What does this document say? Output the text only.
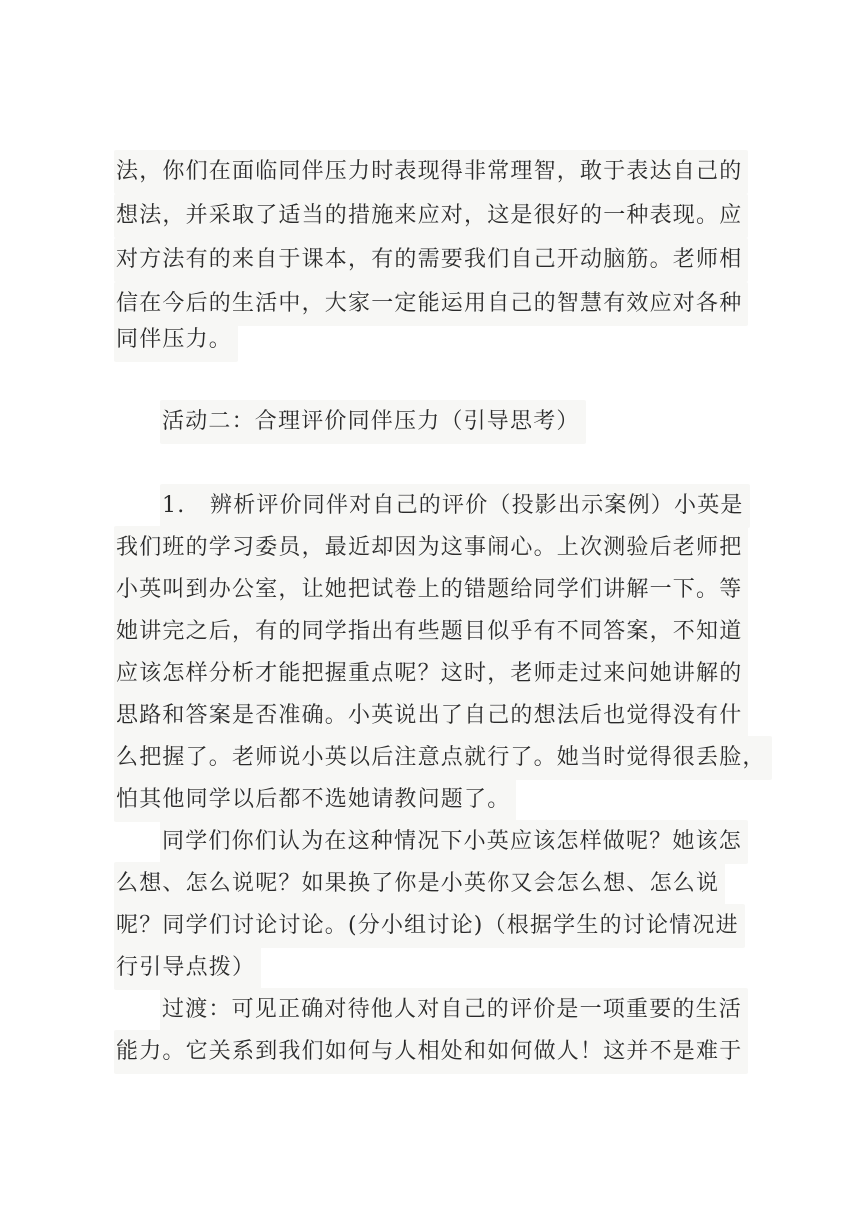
法，你们在面临同伴压力时表现得非常理智，敢于表达自己的
想法，并采取了适当的措施来应对，这是很好的一种表现。应
对方法有的来自于课本，有的需要我们自己开动脑筋。老师相
信在今后的生活中，大家一定能运用自己的智慧有效应对各种
同伴压力。
活动二：合理评价同伴压力（引导思考）
1. 辨析评价同伴对自己的评价（投影出示案例）小英是
我们班的学习委员，最近却因为这事闹心。上次测验后老师把
小英叫到办公室，让她把试卷上的错题给同学们讲解一下。等
她讲完之后，有的同学指出有些题目似乎有不同答案，不知道
应该怎样分析才能把握重点呢？这时，老师走过来问她讲解的
思路和答案是否准确。小英说出了自己的想法后也觉得没有什
么把握了。老师说小英以后注意点就行了。她当时觉得很丢脸，
怕其他同学以后都不选她请教问题了。
同学们你们认为在这种情况下小英应该怎样做呢？她该怎
么想、怎么说呢？如果换了你是小英你又会怎么想、怎么说
呢？同学们讨论讨论。(分小组讨论)（根据学生的讨论情况进
行引导点拨）
过渡：可见正确对待他人对自己的评价是一项重要的生活
能力。它关系到我们如何与人相处和如何做人！这并不是难于
